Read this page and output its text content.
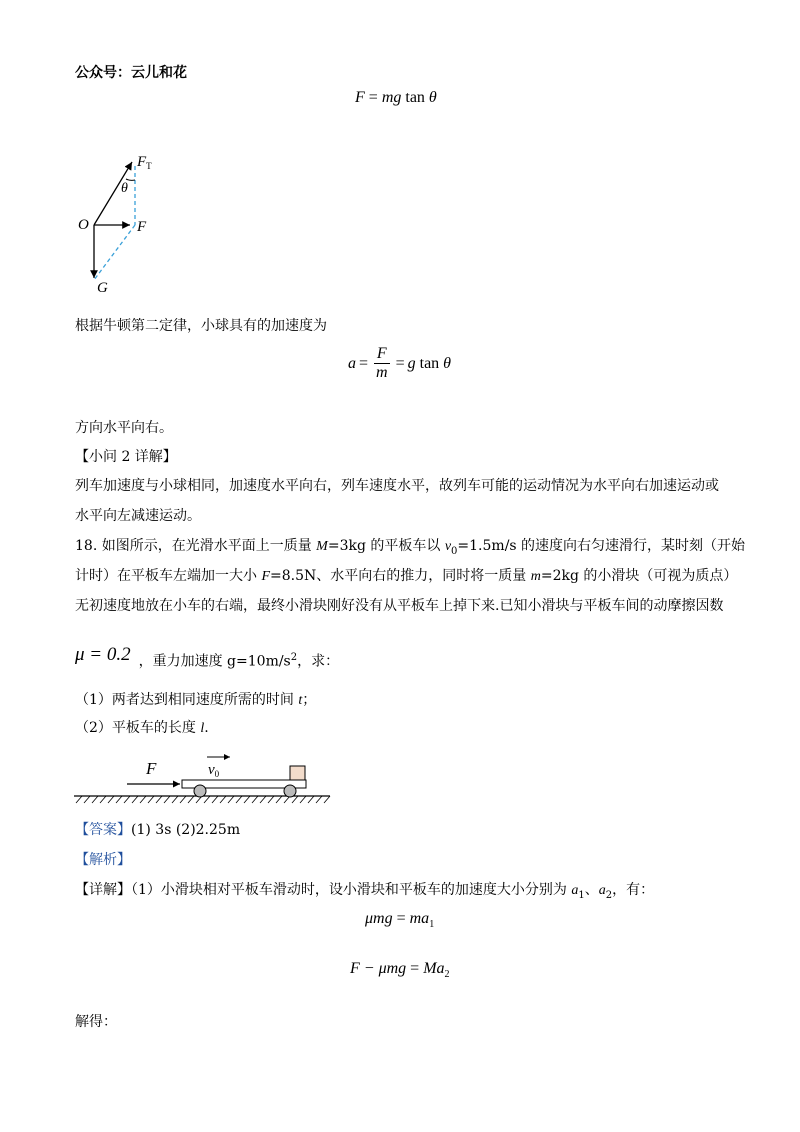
公众号：云儿和花
F = mg tan θ
$F_T$
θ
O	F
G
根据牛顿第二定律，小球具有的加速度为
$a = \frac{F}{m} = g$ tan θ
方向水平向右。
【小问 2 详解】
列车加速度与小球相同，加速度水平向右，列车速度水平，故列车可能的运动情况为水平向右加速运动或
水平向左减速运动。
18. 如图所示，在光滑水平面上一质量 M=3kg 的平板车以 $v_0=1.5m/s$ 的速度向右匀速滑行，某时刻（开始
计时）在平板车左端加一大小 F=8.5N、水平向右的推力，同时将一质量 m=2kg 的小滑块（可视为质点）
无初速度地放在小车的右端，最终小滑块刚好没有从平板车上掉下来.已知小滑块与平板车间的动摩擦因数
μ = 0.2 ，重力加速度 $g=10m/s^2$，求：
（1）两者达到相同速度所需的时间 t；
（2）平板车的长度 l.
F	$v_0$
【答案】(1) 3s (2)2.25m
【解析】
【详解】（1）小滑块相对平板车滑动时，设小滑块和平板车的加速度大小分别为 $a_1$、$a_2$，有：
$\mu mg = ma_1$
$F - \mu mg = Ma_2$
解得：
